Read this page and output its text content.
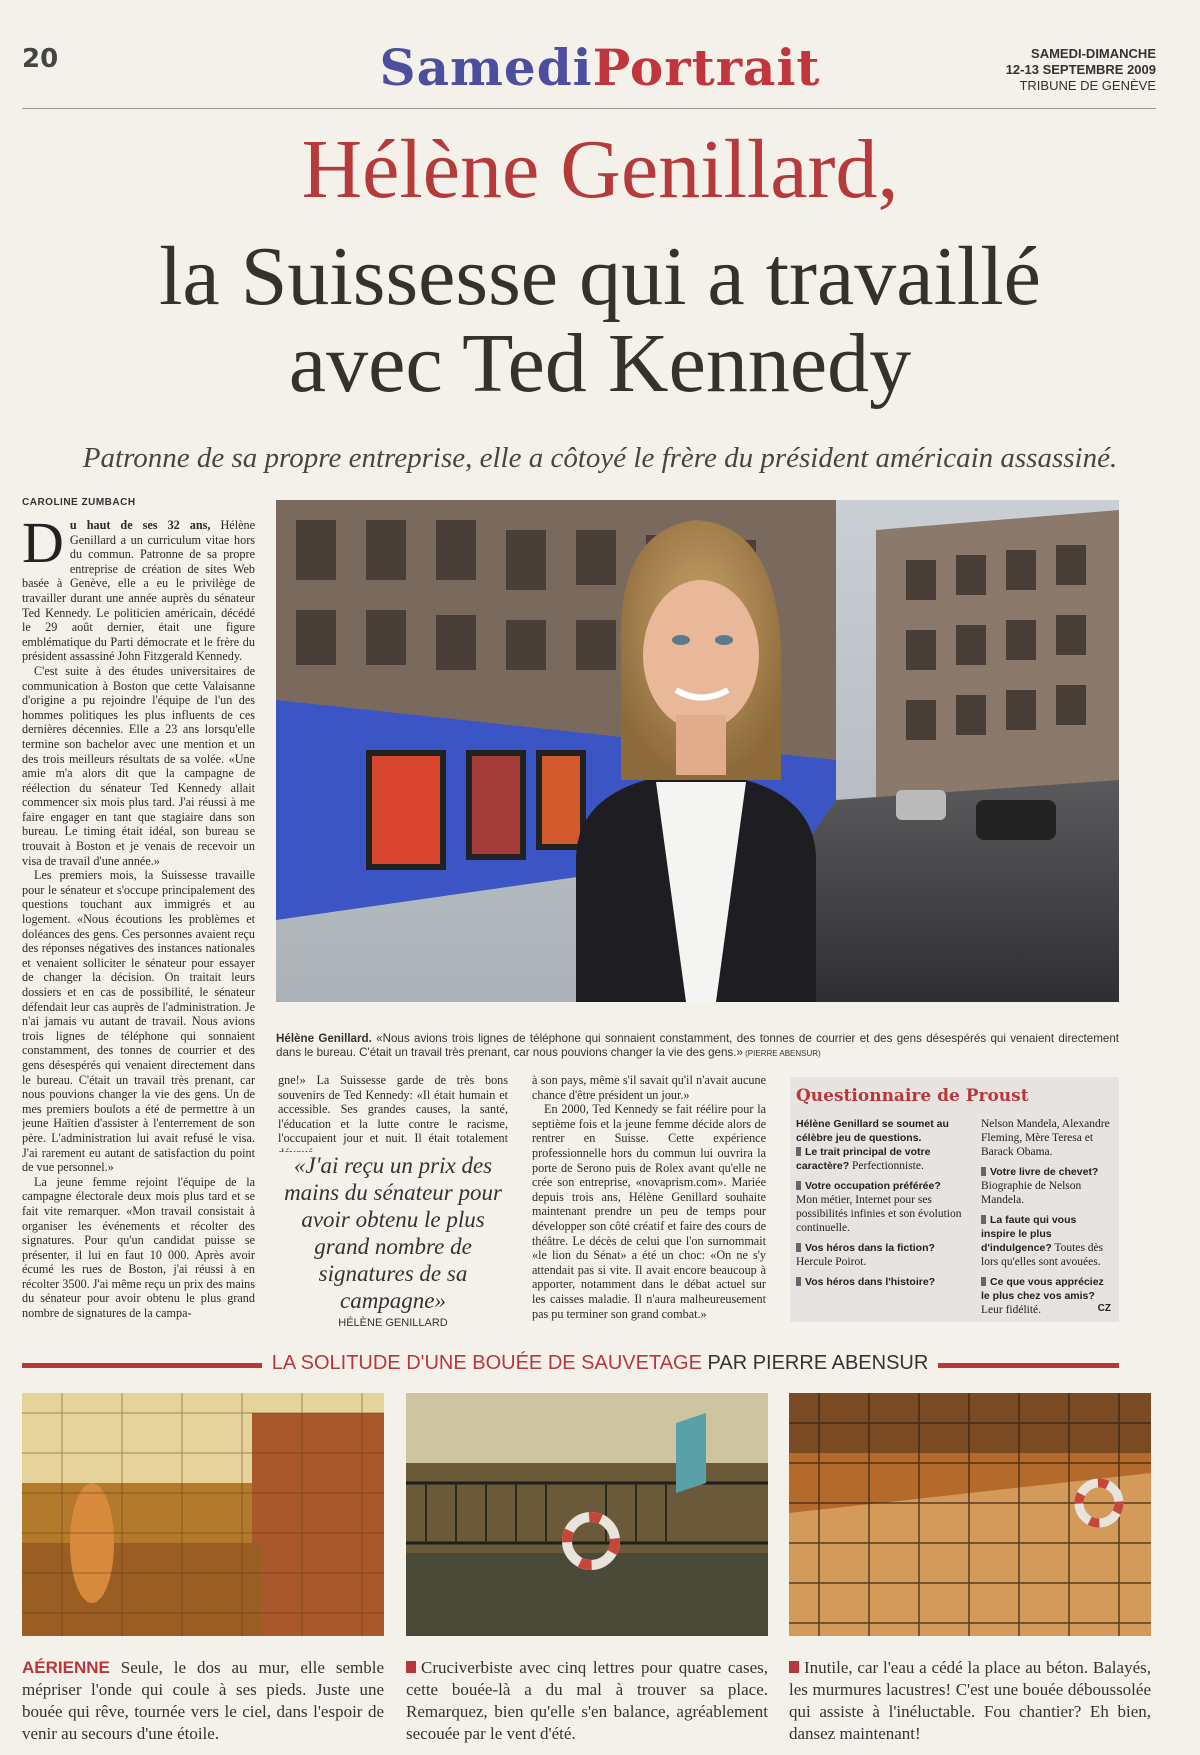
20	SamediPortrait	SAMEDI-DIMANCHE
12-13 SEPTEMBRE 2009
TRIBUNE DE GENÈVE
Hélène Genillard,
la Suissesse qui a travaillé
avec Ted Kennedy
Patronne de sa propre entreprise, elle a côtoyé le frère du président américain assassiné.
CAROLINE ZUMBACH

Du haut de ses 32 ans, Hélène Genillard a un curriculum vitae hors du commun. Patronne de sa propre entreprise de création de sites Web basée à Genève, elle a eu le privilège de travailler durant une année auprès du sénateur Ted Kennedy. Le politicien américain, décédé le 29 août dernier, était une figure emblématique du Parti démocrate et le frère du président assassiné John Fitzgerald Kennedy.

C'est suite à des études universitaires de communication à Boston que cette Valaisanne d'origine a pu rejoindre l'équipe de l'un des hommes politiques les plus influents de ces dernières décennies. Elle a 23 ans lorsqu'elle termine son bachelor avec une mention et un des trois meilleurs résultats de sa volée. «Une amie m'a alors dit que la campagne de réélection du sénateur Ted Kennedy allait commencer six mois plus tard. J'ai réussi à me faire engager en tant que stagiaire dans son bureau. Le timing était idéal, son bureau se trouvait à Boston et je venais de recevoir un visa de travail d'une année.»

Les premiers mois, la Suissesse travaille pour le sénateur et s'occupe principalement des questions touchant aux immigrés et au logement. «Nous écoutions les problèmes et doléances des gens. Ces personnes avaient reçu des réponses négatives des instances nationales et venaient solliciter le sénateur pour essayer de changer la décision. On traitait leurs dossiers et en cas de possibilité, le sénateur défendait leur cas auprès de l'administration. Je n'ai jamais vu autant de travail. Nous avions trois lignes de téléphone qui sonnaient constamment, des tonnes de courrier et des gens désespérés qui venaient directement dans le bureau. C'était un travail très prenant, car nous pouvions changer la vie des gens. Un de mes premiers boulots a été de permettre à un jeune Haïtien d'assister à l'enterrement de son père. L'administration lui avait refusé le visa. J'ai rarement eu autant de satisfaction du point de vue personnel.»

La jeune femme rejoint l'équipe de la campagne électorale deux mois plus tard et se fait vite remarquer. «Mon travail consistait à organiser les événements et récolter des signatures. Pour qu'un candidat puisse se présenter, il lui en faut 10 000. Après avoir écumé les rues de Boston, j'ai réussi à en récolter 3500. J'ai même reçu un prix des mains du sénateur pour avoir obtenu le plus grand nombre de signatures de la campa-

Hélène Genillard. «Nous avions trois lignes de téléphone qui sonnaient constamment, des tonnes de courrier et des gens désespérés qui venaient directement dans le bureau. C'était un travail très prenant, car nous pouvions changer la vie des gens.» (PIERRE ABENSUR)

gne!» La Suissesse garde de très bons souvenirs de Ted Kennedy: «Il était humain et accessible. Ses grandes causes, la santé, l'éducation et la lutte contre le racisme, l'occupaient jour et nuit. Il était totalement

«J'ai reçu un prix des mains du sénateur pour avoir obtenu le plus grand nombre de signatures de sa campagne»
HÉLÈNE GENILLARD

à son pays, même s'il savait qu'il n'avait aucune chance d'être président un jour.»

En 2000, Ted Kennedy se fait réélire pour la septième fois et la jeune femme décide alors de rentrer en Suisse. Cette expérience professionnelle hors du commun lui ouvrira la porte de Serono puis de Rolex avant qu'elle ne crée son entreprise, «novaprism.com». Mariée depuis trois ans, Hélène Genillard souhaite maintenant prendre un peu de temps pour développer son côté créatif et faire des cours de théâtre. Le décès de celui que l'on surnommait «le lion du Sénat» a été un choc: «On ne s'y attendait pas si vite. Il avait encore beaucoup à apporter, notamment dans le débat actuel sur les caisses maladie. Il n'aura malheureusement pas pu terminer son grand combat.»

Questionnaire de Proust
Hélène Genillard se soumet au célèbre jeu de questions.
Le trait principal de votre caractère? Perfectionniste.
Votre occupation préférée?
Mon métier, Internet pour ses possibilités infinies et son évolution continuelle.
Vos héros dans la fiction?
Hercule Poirot.
Vos héros dans l'histoire?
Nelson Mandela, Alexandre Fleming, Mère Teresa et Barack Obama.
Votre livre de chevet? Biographie de Nelson Mandela.
La faute qui vous inspire le plus d'indulgence? Toutes dès lors qu'elles sont avouées.
Ce que vous appréciez le plus chez vos amis? Leur fidélité.	CZ
LA SOLITUDE D'UNE BOUÉE DE SAUVETAGE PAR PIERRE ABENSUR
AÉRIENNE Seule, le dos au mur, elle semble mépriser l'onde qui coule à ses pieds. Juste une bouée qui rêve, tournée vers le ciel, dans l'espoir de venir au secours d'une étoile.
Cruciverbiste avec cinq lettres pour quatre cases, cette bouée-là a du mal à trouver sa place. Remarquez, bien qu'elle s'en balance, agréablement secouée par le vent d'été.
Inutile, car l'eau a cédé la place au béton. Balayés, les murmures lacustres! C'est une bouée déboussolée qui assiste à l'inéluctable. Fou chantier? Eh bien, dansez maintenant!
